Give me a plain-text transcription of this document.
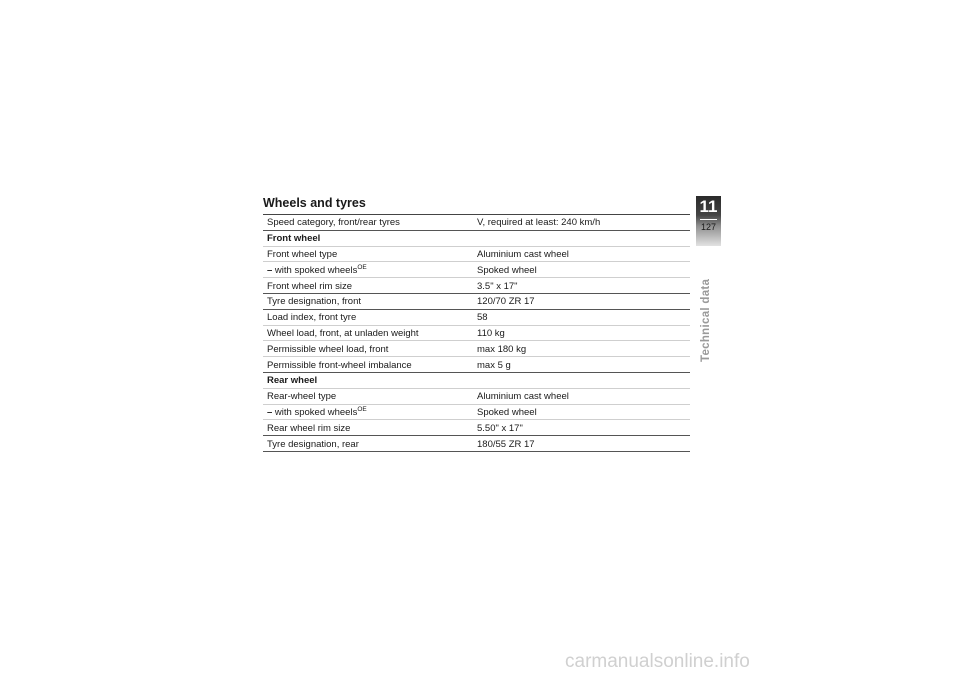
Wheels and tyres
Speed category, front/rear tyres	V, required at least: 240 km/h
Front wheel	
Front wheel type	Aluminium cast wheel
– with spoked wheels$^{OE}$	Spoked wheel
Front wheel rim size	3.5" x 17"
Tyre designation, front	120/70 ZR 17
Load index, front tyre	58
Wheel load, front, at unladen weight	110 kg
Permissible wheel load, front	max 180 kg
Permissible front-wheel imbalance	max 5 g
Rear wheel	
Rear-wheel type	Aluminium cast wheel
– with spoked wheels$^{OE}$	Spoked wheel
Rear wheel rim size	5.50" x 17"
Tyre designation, rear	180/55 ZR 17
11
127
Technical data
carmanualsonline.info
